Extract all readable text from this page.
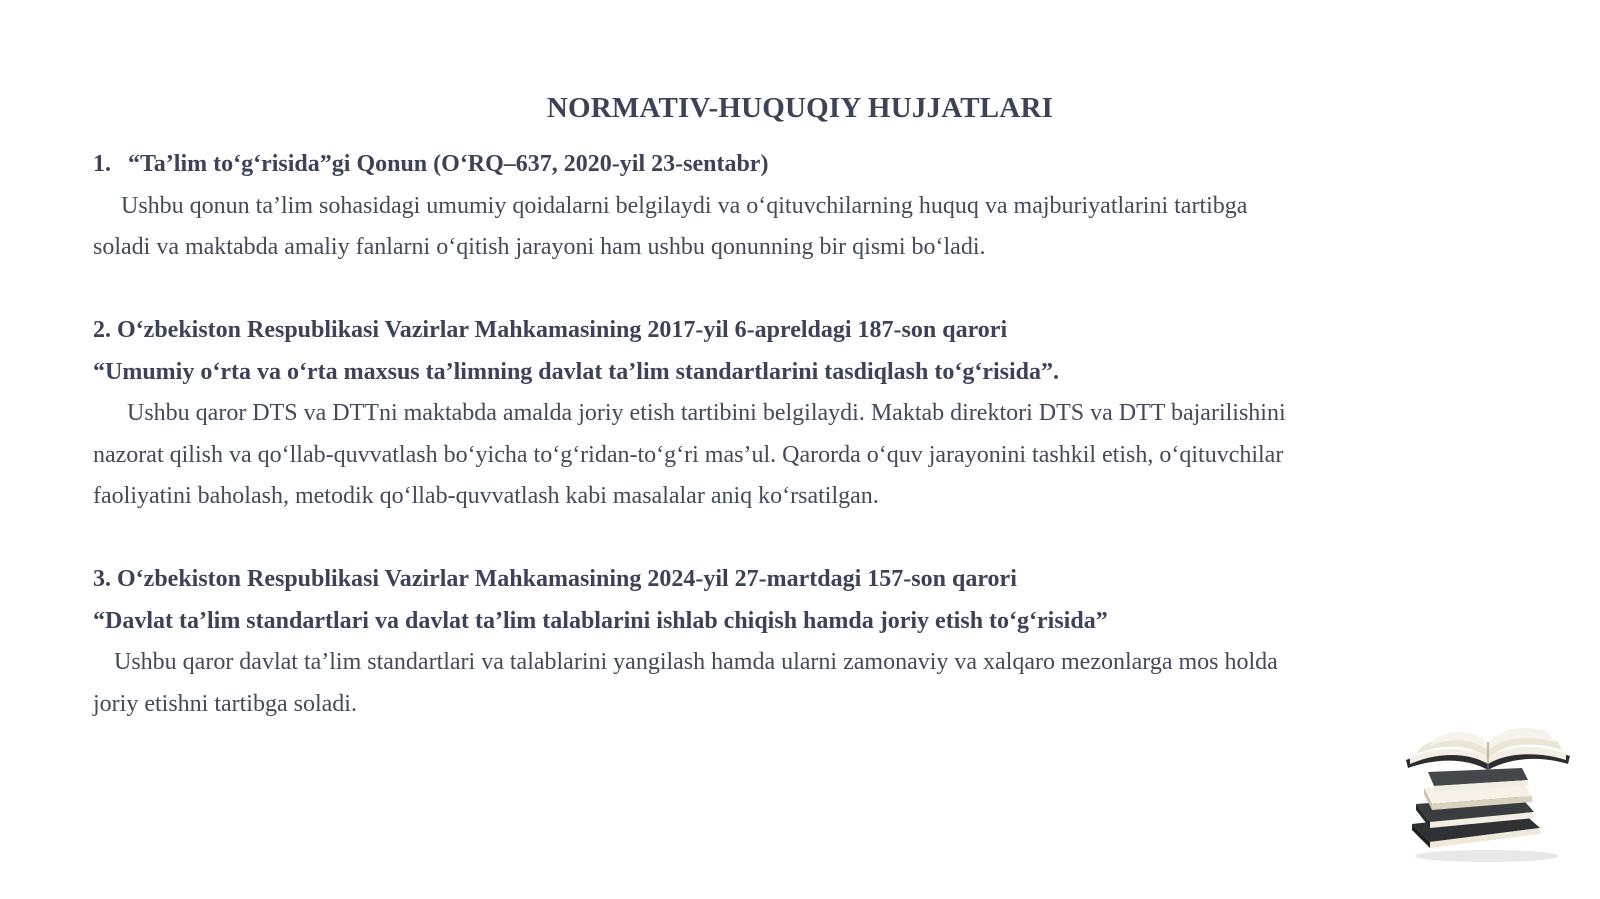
NORMATIV-HUQUQIY HUJJATLARI
1. “Ta’lim to‘g‘risida”gi Qonun (O‘RQ–637, 2020-yil 23-sentabr)
Ushbu qonun ta’lim sohasidagi umumiy qoidalarni belgilaydi va o‘qituvchilarning huquq va majburiyatlarini tartibga
soladi va maktabda amaliy fanlarni o‘qitish jarayoni ham ushbu qonunning bir qismi bo‘ladi.
2. O‘zbekiston Respublikasi Vazirlar Mahkamasining 2017-yil 6-apreldagi 187-son qarori
“Umumiy o‘rta va o‘rta maxsus ta’limning davlat ta’lim standartlarini tasdiqlash to‘g‘risida”.
Ushbu qaror DTS va DTTni maktabda amalda joriy etish tartibini belgilaydi. Maktab direktori DTS va DTT bajarilishini
nazorat qilish va qo‘llab-quvvatlash bo‘yicha to‘g‘ridan-to‘g‘ri mas’ul. Qarorda o‘quv jarayonini tashkil etish, o‘qituvchilar
faoliyatini baholash, metodik qo‘llab-quvvatlash kabi masalalar aniq ko‘rsatilgan.
3. O‘zbekiston Respublikasi Vazirlar Mahkamasining 2024-yil 27-martdagi 157-son qarori
“Davlat ta’lim standartlari va davlat ta’lim talablarini ishlab chiqish hamda joriy etish to‘g‘risida”
Ushbu qaror davlat ta’lim standartlari va talablarini yangilash hamda ularni zamonaviy va xalqaro mezonlarga mos holda
joriy etishni tartibga soladi.
